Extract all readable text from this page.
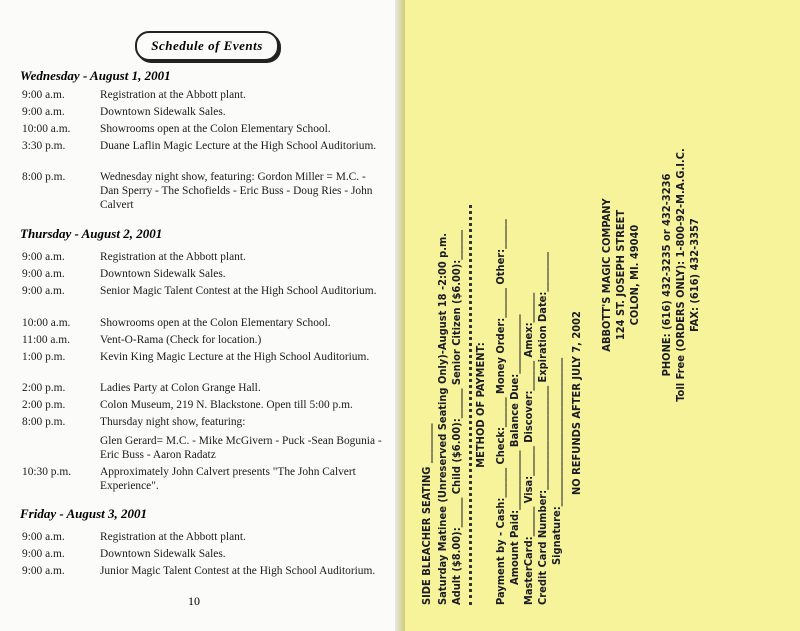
Schedule of Events
Wednesday - August 1, 2001
9:00 a.m.	Registration at the Abbott plant.
9:00 a.m.	Downtown Sidewalk Sales.
10:00 a.m.	Showrooms open at the Colon Elementary School.
3:30 p.m.	Duane Laflin Magic Lecture at the High School Auditorium.
8:00 p.m.	Wednesday night show, featuring: Gordon Miller = M.C. - Dan Sperry - The Schofields - Eric Buss - Doug Ries - John Calvert
Thursday - August 2, 2001
9:00 a.m.	Registration at the Abbott plant.
9:00 a.m.	Downtown Sidewalk Sales.
9:00 a.m.	Senior Magic Talent Contest at the High School Auditorium.
10:00 a.m.	Showrooms open at the Colon Elementary School.
11:00 a.m.	Vent-O-Rama (Check for location.)
1:00 p.m.	Kevin King Magic Lecture at the High School Auditorium.
2:00 p.m.	Ladies Party at Colon Grange Hall.
2:00 p.m.	Colon Museum, 219 N. Blackstone. Open till 5:00 p.m.
8:00 p.m.	Thursday night show, featuring:
Glen Gerard= M.C. - Mike McGivern - Puck -Sean Bogunia - Eric Buss - Aaron Radatz
10:30 p.m.	Approximately John Calvert presents "The John Calvert Experience".
Friday - August 3, 2001
9:00 a.m.	Registration at the Abbott plant.
9:00 a.m.	Downtown Sidewalk Sales.
9:00 a.m.	Junior Magic Talent Contest at the High School Auditorium.
10	SIDE BLEACHER SEATING ________ Saturday Matinee (Unreserved Seating Only)-August 18 -2:00 p.m. Adult ($8.00):______ Child ($6.00):______ Senior Citizen ($6.00):______ METHOD OF PAYMENT: Payment by - Cash:______ Check:______ Money Order:______ Other:______ Amount Paid:____________ Balance Due:____________ MasterCard:______ Visa:______ Discover:______ Amex:______ Credit Card Number:_____________________ Expiration Date:________ Signature:______________________________ NO REFUNDS AFTER JULY 7, 2002
ABBOTT'S MAGIC COMPANY 124 ST. JOSEPH STREET COLON, MI. 49040 PHONE: (616) 432-3235 or 432-3236 Toll Free (ORDERS ONLY): 1-800-92-M.A.G.I.C. FAX: (616) 432-3357
